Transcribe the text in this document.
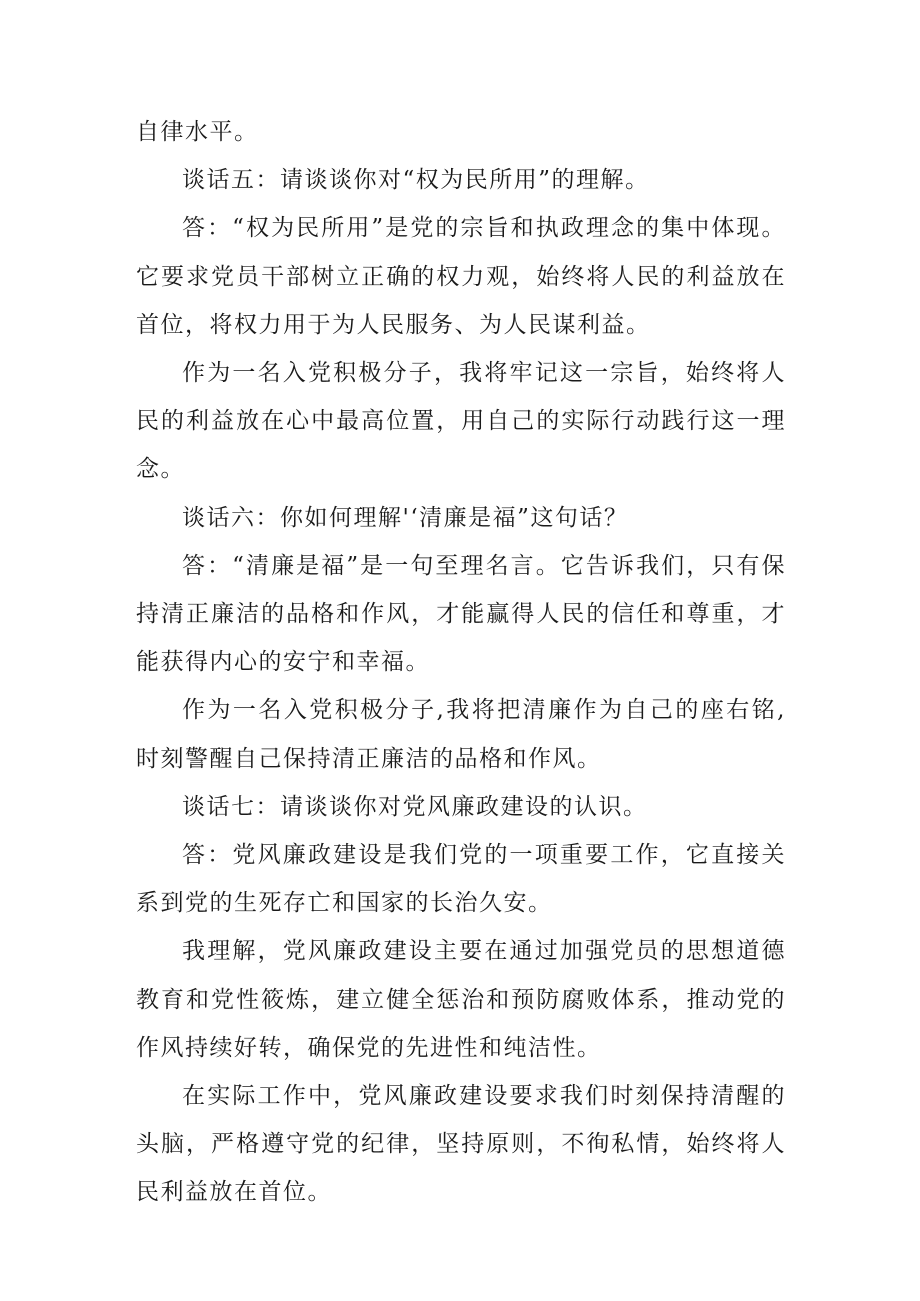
自律水平。

谈话五：请谈谈你对“权为民所用”的理解。

答：“权为民所用”是党的宗旨和执政理念的集中体现。它要求党员干部树立正确的权力观，始终将人民的利益放在首位，将权力用于为人民服务、为人民谋利益。

作为一名入党积极分子，我将牢记这一宗旨，始终将人民的利益放在心中最高位置，用自己的实际行动践行这一理念。

谈话六：你如何理解'‘清廉是福”这句话？

答：“清廉是福”是一句至理名言。它告诉我们，只有保持清正廉洁的品格和作风，才能赢得人民的信任和尊重，才能获得内心的安宁和幸福。

作为一名入党积极分子,我将把清廉作为自己的座右铭,时刻警醒自己保持清正廉洁的品格和作风。

谈话七：请谈谈你对党风廉政建设的认识。

答：党风廉政建设是我们党的一项重要工作，它直接关系到党的生死存亡和国家的长治久安。

我理解，党风廉政建设主要在通过加强党员的思想道德教育和党性筱炼，建立健全惩治和预防腐败体系，推动党的作风持续好转，确保党的先进性和纯洁性。

在实际工作中，党风廉政建设要求我们时刻保持清醒的头脑，严格遵守党的纪律，坚持原则，不徇私情，始终将人民利益放在首位。
